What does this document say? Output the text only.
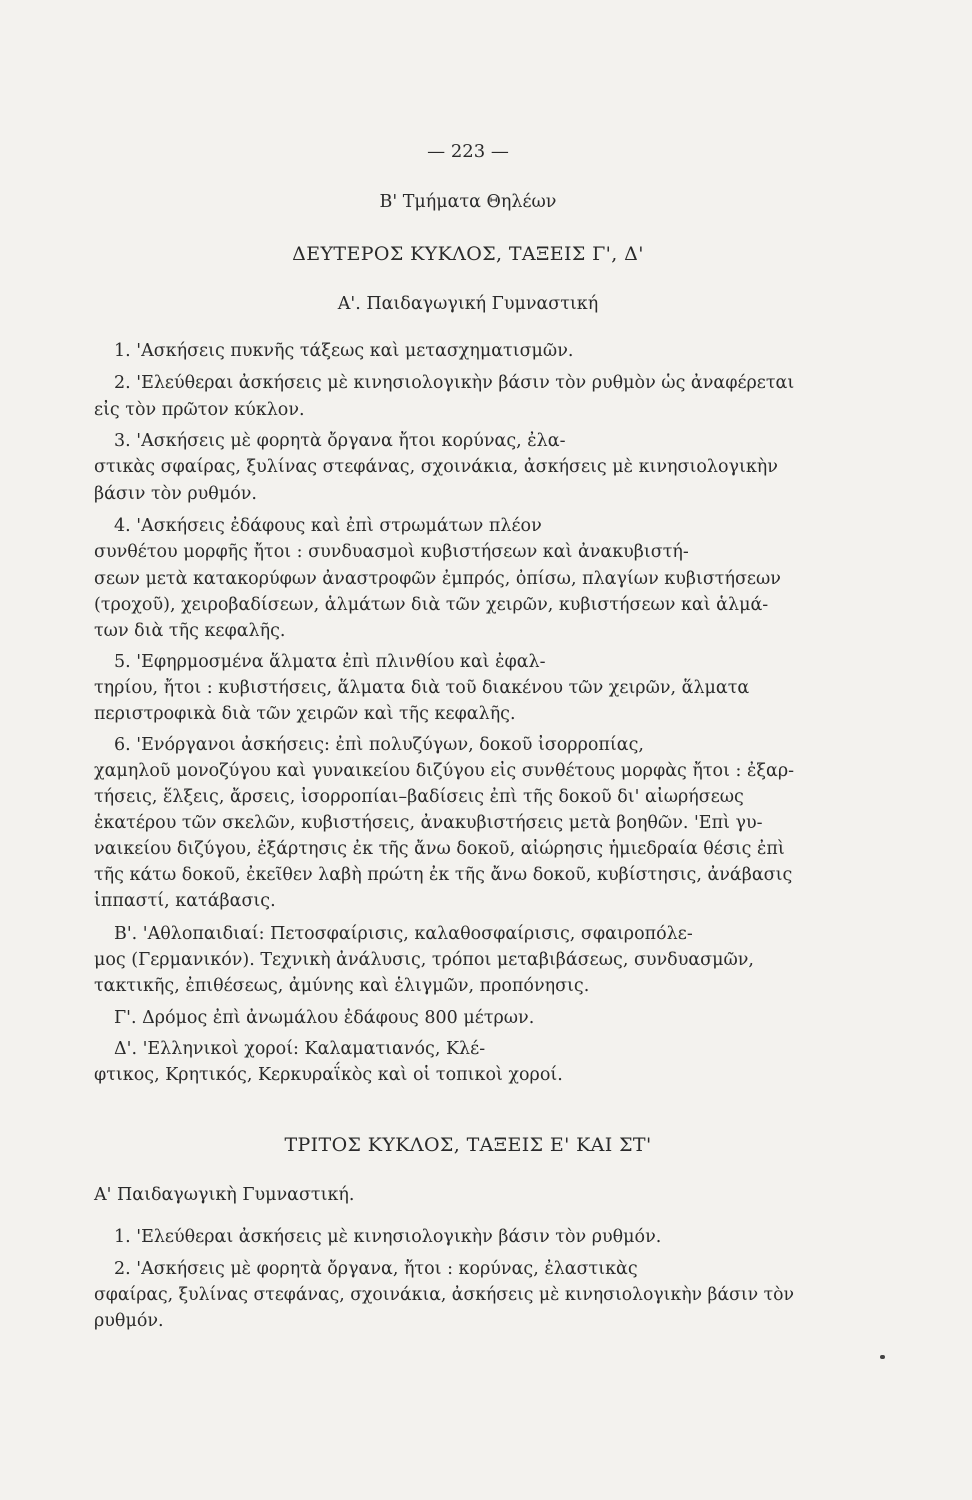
— 223 —
Β' Τμήματα Θηλέων
ΔΕΥΤΕΡΟΣ ΚΥΚΛΟΣ, ΤΑΞΕΙΣ Γ', Δ'
Α'. Παιδαγωγική Γυμναστική
1. 'Ασκήσεις πυκνῆς τάξεως καὶ μετασχηματισμῶν.
2. 'Ελεύθεραι ἀσκήσεις μὲ κινησιολογικὴν βάσιν τὸν ρυθμὸν ὡς ἀναφέρεται
εἰς τὸν πρῶτον κύκλον.
3. 'Ασκήσεις μὲ φορητὰ ὄργανα ἤτοι κορύνας, ἐλα-
στικὰς σφαίρας, ξυλίνας στεφάνας, σχοινάκια, ἀσκήσεις μὲ κινησιολογικὴν
βάσιν τὸν ρυθμόν.
4. 'Ασκήσεις ἐδάφους καὶ ἐπὶ στρωμάτων πλέον
συνθέτου μορφῆς ἤτοι : συνδυασμοὶ κυβιστήσεων καὶ ἀνακυβιστή-
σεων μετὰ κατακορύφων ἀναστροφῶν ἐμπρός, ὀπίσω, πλαγίων κυβιστήσεων
(τροχοῦ), χειροβαδίσεων, ἁλμάτων διὰ τῶν χειρῶν, κυβιστήσεων καὶ ἁλμά-
των διὰ τῆς κεφαλῆς.
5. 'Εφηρμοσμένα ἅλματα ἐπὶ πλινθίου καὶ ἐφαλ-
τηρίου, ἤτοι : κυβιστήσεις, ἅλματα διὰ τοῦ διακένου τῶν χειρῶν, ἅλματα
περιστροφικὰ διὰ τῶν χειρῶν καὶ τῆς κεφαλῆς.
6. 'Ενόργανοι ἀσκήσεις: ἐπὶ πολυζύγων, δοκοῦ ἰσορροπίας,
χαμηλοῦ μονοζύγου καὶ γυναικείου διζύγου εἰς συνθέτους μορφὰς ἤτοι : ἐξαρ-
τήσεις, ἕλξεις, ἄρσεις, ἰσορροπίαι–βαδίσεις ἐπὶ τῆς δοκοῦ δι' αἰωρήσεως
ἑκατέρου τῶν σκελῶν, κυβιστήσεις, ἀνακυβιστήσεις μετὰ βοηθῶν. 'Επὶ γυ-
ναικείου διζύγου, ἐξάρτησις ἐκ τῆς ἄνω δοκοῦ, αἰώρησις ἡμιεδραία θέσις ἐπὶ
τῆς κάτω δοκοῦ, ἐκεῖθεν λαβὴ πρώτη ἐκ τῆς ἄνω δοκοῦ, κυβίστησις, ἀνάβασις
ἱππαστί, κατάβασις.
Β'. 'Αθλοπαιδιαί: Πετοσφαίρισις, καλαθοσφαίρισις, σφαιροπόλε-
μος (Γερμανικόν). Τεχνικὴ ἀνάλυσις, τρόποι μεταβιβάσεως, συνδυασμῶν,
τακτικῆς, ἐπιθέσεως, ἀμύνης καὶ ἑλιγμῶν, προπόνησις.
Γ'. Δρόμος ἐπὶ ἀνωμάλου ἐδάφους 800 μέτρων.
Δ'. 'Ελληνικοὶ χοροί: Καλαματιανός, Κλέ-
φτικος, Κρητικός, Κερκυραΐκὸς καὶ οἱ τοπικοὶ χοροί.
ΤΡΙΤΟΣ ΚΥΚΛΟΣ, ΤΑΞΕΙΣ Ε' ΚΑΙ ΣΤ'
Α' Παιδαγωγικὴ Γυμναστική.
1. 'Ελεύθεραι ἀσκήσεις μὲ κινησιολογικὴν βάσιν τὸν ρυθμόν.
2. 'Ασκήσεις μὲ φορητὰ ὄργανα, ἤτοι : κορύνας, ἐλαστικὰς
σφαίρας, ξυλίνας στεφάνας, σχοινάκια, ἀσκήσεις μὲ κινησιολογικὴν βάσιν τὸν
ρυθμόν.
